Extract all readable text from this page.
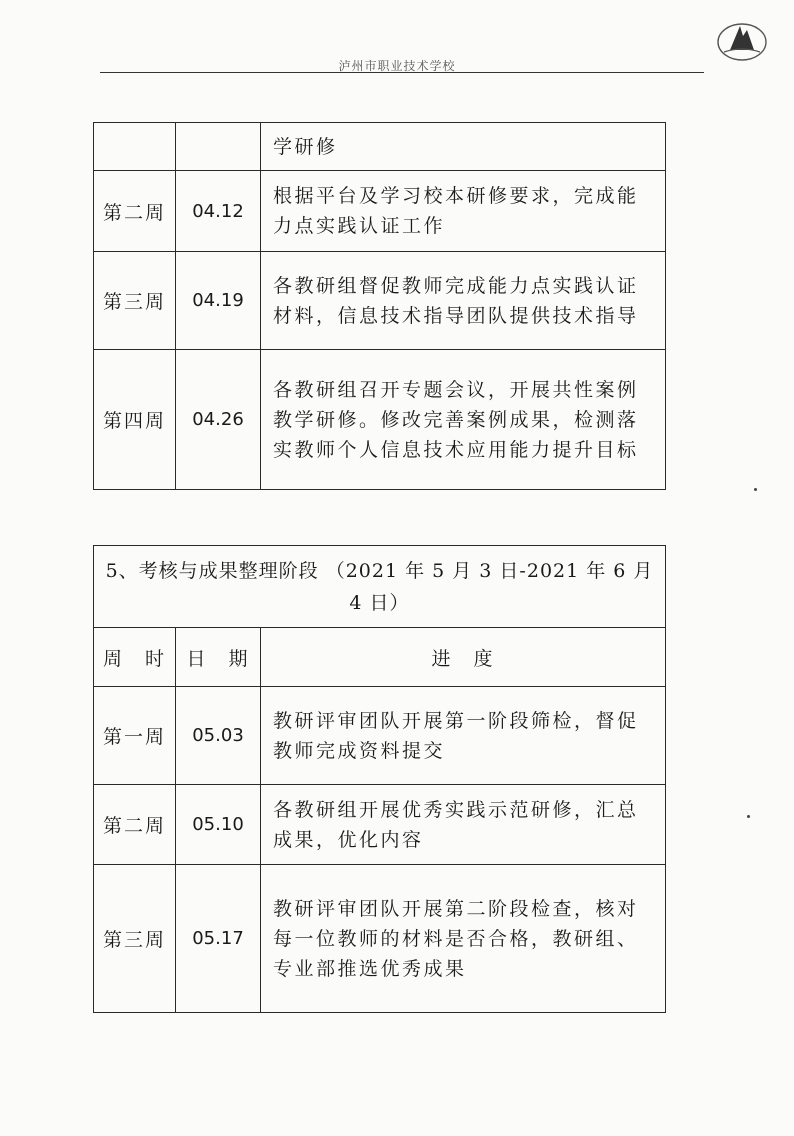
泸州市职业技术学校
		学研修
第二周	04.12	根据平台及学习校本研修要求，完成能力点实践认证工作
第三周	04.19	各教研组督促教师完成能力点实践认证材料，信息技术指导团队提供技术指导
第四周	04.26	各教研组召开专题会议，开展共性案例教学研修。修改完善案例成果，检测落实教师个人信息技术应用能力提升目标
5、考核与成果整理阶段 （2021 年 5 月 3 日-2021 年 6 月 4 日）		

周　时	日　期	进　度
第一周	05.03	教研评审团队开展第一阶段筛检，督促教师完成资料提交
第二周	05.10	各教研组开展优秀实践示范研修，汇总成果，优化内容
第三周	05.17	教研评审团队开展第二阶段检查，核对每一位教师的材料是否合格，教研组、专业部推选优秀成果
